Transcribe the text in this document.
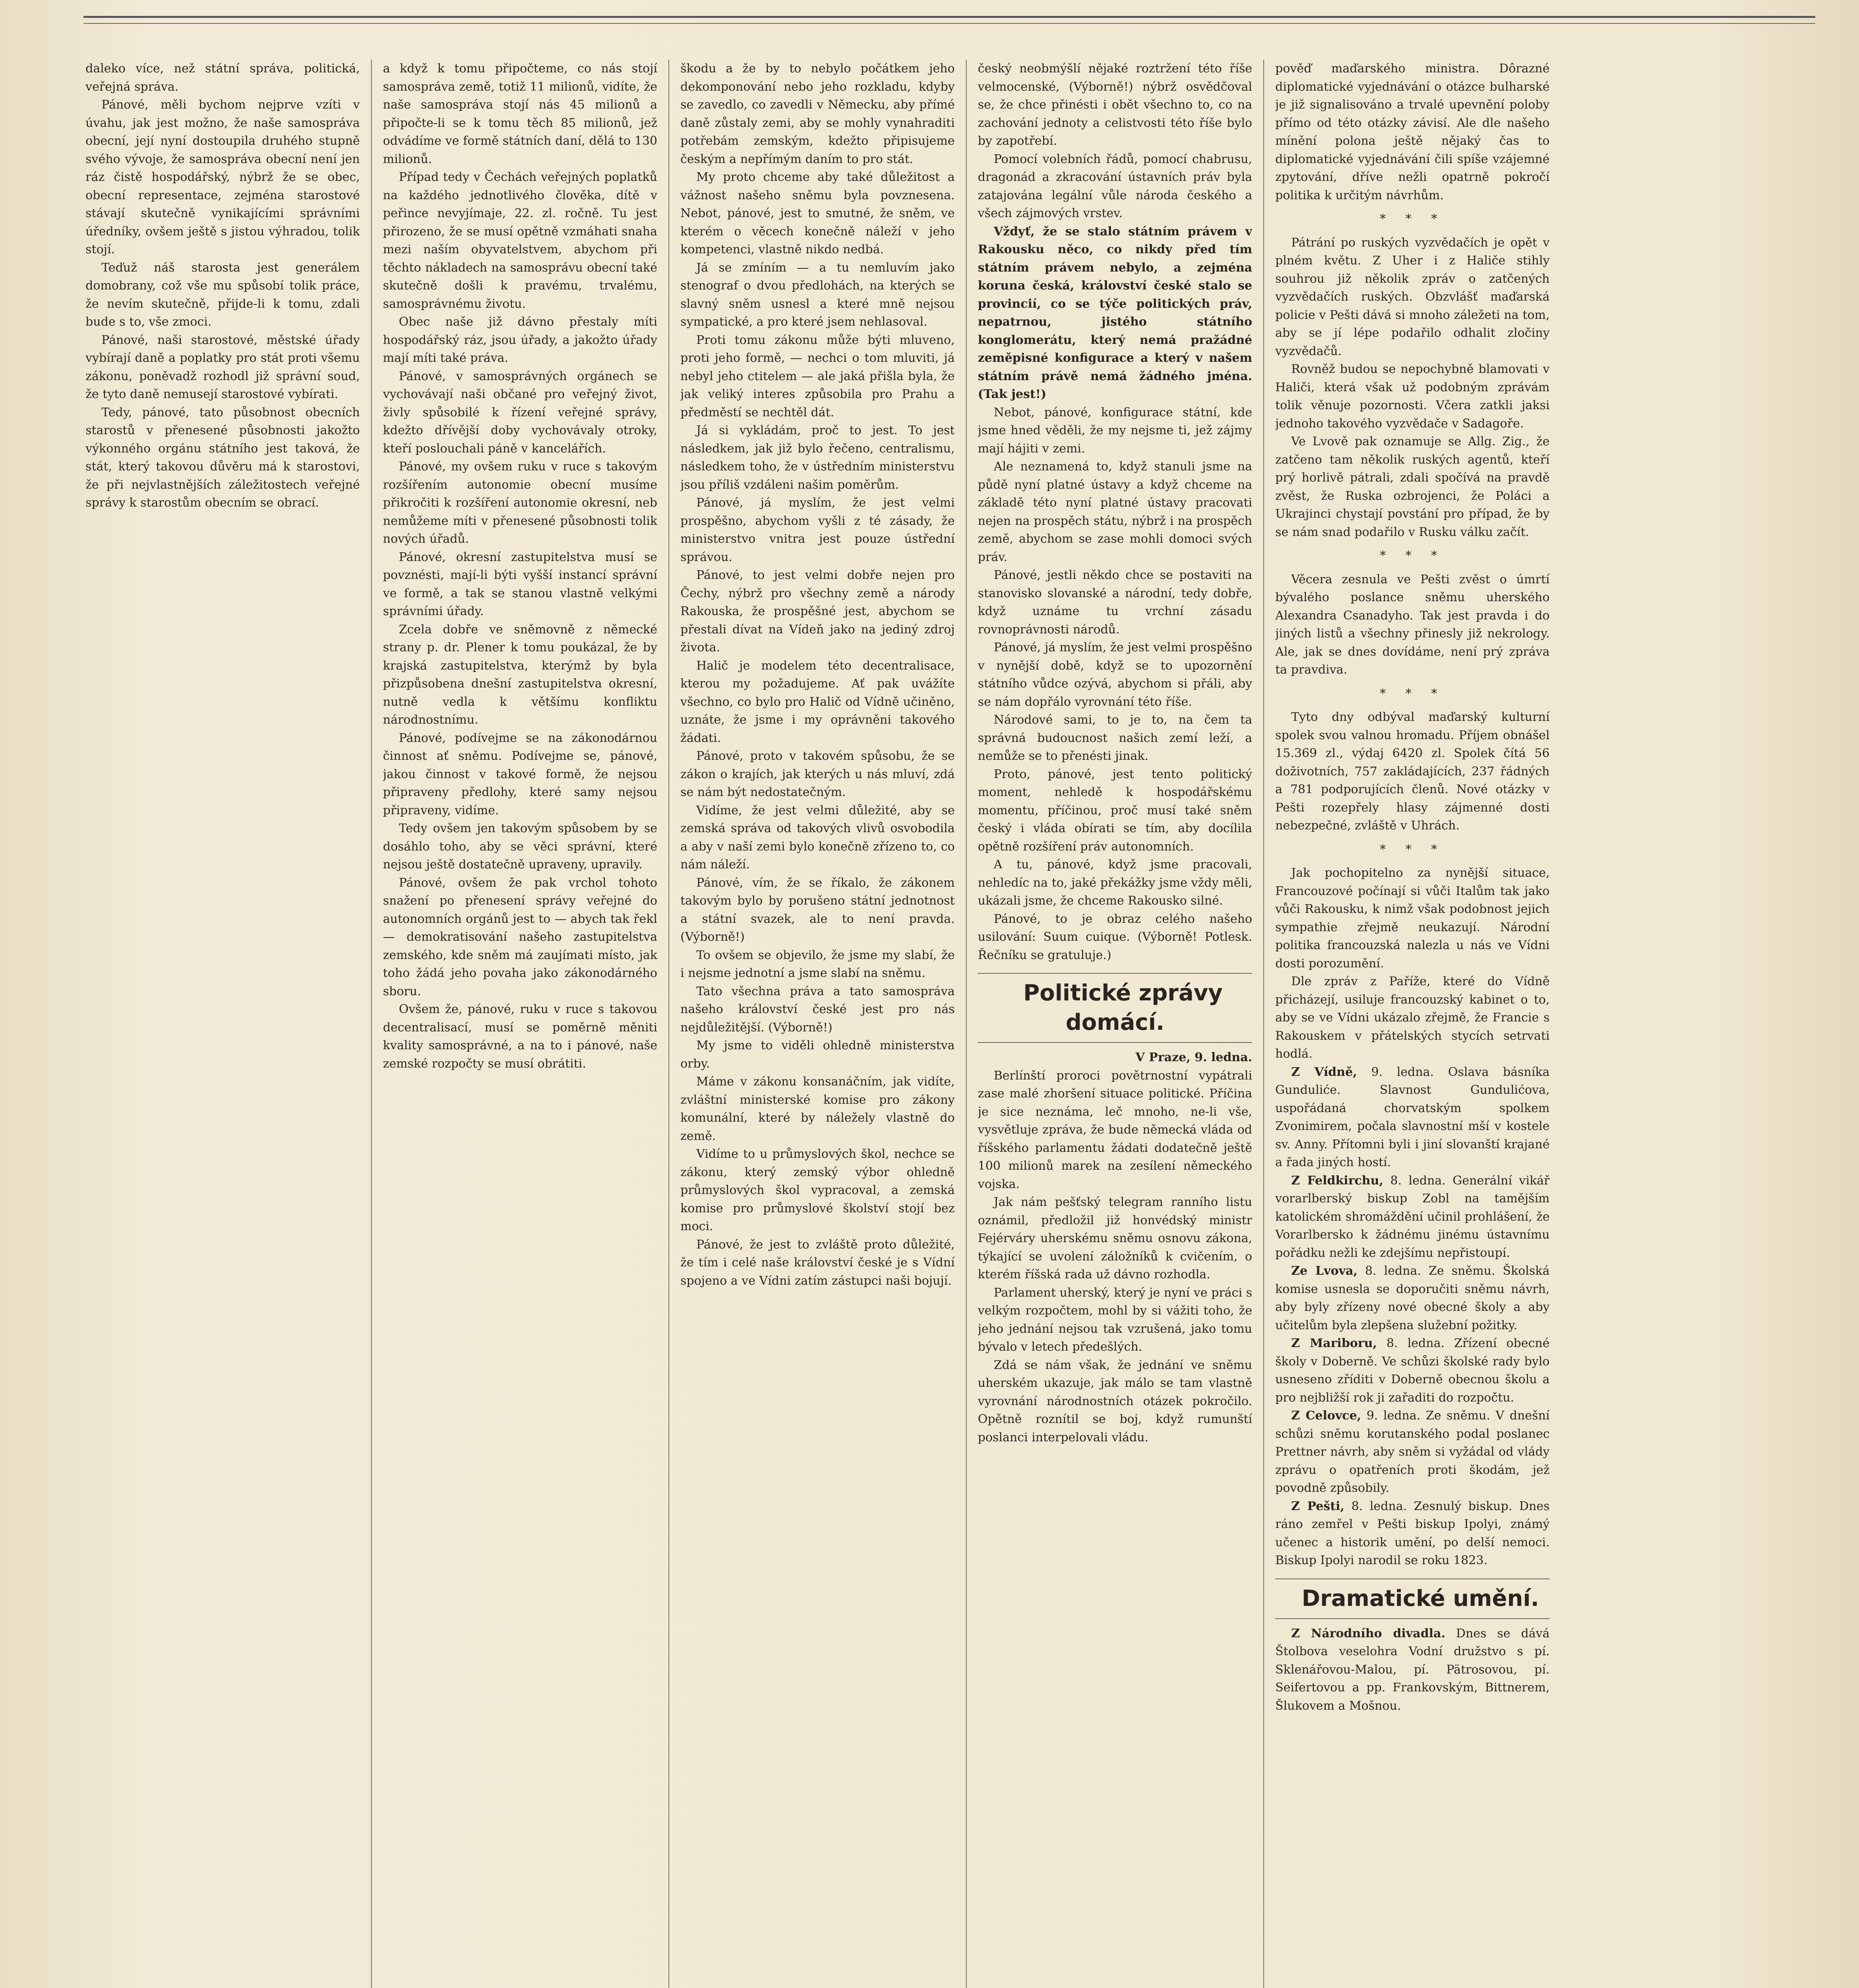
daleko více, než státní správa, politická, veřejná správa.

Pánové, měli bychom nejprve vzíti v úvahu, jak jest možno, že naše samospráva obecní, její nyní dostoupila druhého stupně svého vývoje, že samospráva obecní není jen ráz čistě hospodářský, nýbrž že se obec, obecní representace, zejména starostové stávají skutečně vynikajícími správními úředníky, ovšem ještě s jistou výhradou, tolik stojí.

Teďuž náš starosta jest generálem domobrany, což vše mu spůsobí tolik práce, že nevím skutečně, přijde-li k tomu, zdali bude s to, vše zmoci.

Pánové, naši starostové, městské úřady vybírají daně a poplatky pro stát proti všemu zákonu, poněvadž rozhodl již správní soud, že tyto daně nemusejí starostové vybírati.

Tedy, pánové, tato působnost obecních starostů v přenesené působnosti jakožto výkonného orgánu státního jest taková, že stát, který takovou důvěru má k starostovi, že při nejvlastnějších záležitostech veřejné správy k starostům obecním se obrací.

a když k tomu připočteme, co nás stojí samospráva země, totiž 11 milionů, vidíte, že naše samospráva stojí nás 45 milionů a připočte-li se k tomu těch 85 milionů, jež odvádíme ve formě státních daní, dělá to 130 milionů.

Případ tedy v Čechách veřejných poplatků na každého jednotlivého člověka, dítě v peřince nevyjímaje, 22. zl. ročně. Tu jest přirozeno, že se musí opětně vzmáhati snaha mezi naším obyvatelstvem, abychom při těchto nákladech na samosprávu obecní také skutečně došli k pravému, trvalému, samosprávnému životu.

Obec naše již dávno přestaly míti hospodářský ráz, jsou úřady, a jakožto úřady mají míti také práva.

Pánové, v samosprávných orgánech se vychovávají naši občané pro veřejný život, živly spůsobilé k řízení veřejné správy, kdežto dřívější doby vychovávaly otroky, kteří poslouchali páně v kancelářích.

Pánové, my ovšem ruku v ruce s takovým rozšířením autonomie obecní musíme přikročiti k rozšíření autonomie okresní, neb nemůžeme míti v přenesené působnosti tolik nových úřadů.

Pánové, okresní zastupitelstva musí se povznésti, mají-li býti vyšší instancí správní ve formě, a tak se stanou vlastně velkými správními úřady.

Zcela dobře ve sněmovně z německé strany p. dr. Plener k tomu poukázal, že by krajská zastupitelstva, kterýmž by byla přizpůsobena dnešní zastupitelstva okresní, nutně vedla k většímu konfliktu národnostnímu.

Pánové, podívejme se na zákonodárnou činnost ať sněmu. Podívejme se, pánové, jakou činnost v takové formě, že nejsou připraveny předlohy, které samy nejsou připraveny, vidíme.

Tedy ovšem jen takovým spůsobem by se dosáhlo toho, aby se věci správní, které nejsou ještě dostatečně upraveny, upravily.

Pánové, ovšem že pak vrchol tohoto snažení po přenesení správy veřejné do autonomních orgánů jest to — abych tak řekl — demokratisování našeho zastupitelstva zemského, kde sněm má zaujímati místo, jak toho žádá jeho povaha jako zákonodárného sboru.

Ovšem že, pánové, ruku v ruce s takovou decentralisací, musí se poměrně měniti kvality samosprávné, a na to i pánové, naše zemské rozpočty se musí obrátiti.

škodu a že by to nebylo počátkem jeho dekomponování nebo jeho rozkladu, kdyby se zavedlo, co zavedli v Německu, aby přímé daně zůstaly zemi, aby se mohly vynahraditi potřebám zemským, kdežto připisujeme českým a nepřímým daním to pro stát.

My proto chceme aby také důležitost a vážnost našeho sněmu byla povznesena. Nebot, pánové, jest to smutné, že sněm, ve kterém o věcech konečně náleží v jeho kompetenci, vlastně nikdo nedbá.

Já se zmíním — a tu nemluvím jako stenograf o dvou předlohách, na kterých se slavný sněm usnesl a které mně nejsou sympatické, a pro které jsem nehlasoval.

Proti tomu zákonu může býti mluveno, proti jeho formě, — nechci o tom mluviti, já nebyl jeho ctitelem — ale jaká přišla byla, že jak veliký interes způsobila pro Prahu a předměstí se nechtěl dát.

Já si vykládám, proč to jest. To jest následkem, jak již bylo řečeno, centralismu, následkem toho, že v ústředním ministerstvu jsou příliš vzdáleni našim poměrům.

Pánové, já myslím, že jest velmi prospěšno, abychom vyšli z té zásady, že ministerstvo vnitra jest pouze ústřední správou.

Pánové, to jest velmi dobře nejen pro Čechy, nýbrž pro všechny země a národy Rakouska, že prospěšné jest, abychom se přestali dívat na Vídeň jako na jediný zdroj života.

Halič je modelem této decentralisace, kterou my požadujeme. Ať pak uvážíte všechno, co bylo pro Halič od Vídně učiněno, uznáte, že jsme i my oprávněni takového žádati.

Pánové, proto v takovém spůsobu, že se zákon o krajích, jak kterých u nás mluví, zdá se nám být nedostatečným.

Vidíme, že jest velmi důležité, aby se zemská správa od takových vlivů osvobodila a aby v naší zemi bylo konečně zřízeno to, co nám náleží.

Pánové, vím, že se říkalo, že zákonem takovým bylo by porušeno státní jednotnost a státní svazek, ale to není pravda. (Výborně!)

To ovšem se objevilo, že jsme my slabí, že i nejsme jednotní a jsme slabí na sněmu.

Tato všechna práva a tato samospráva našeho království české jest pro nás nejdůležitější. (Výborně!)

My jsme to viděli ohledně ministerstva orby.

Máme v zákonu konsanáčním, jak vidíte, zvláštní ministerské komise pro zákony komunální, které by náležely vlastně do země.

Vidíme to u průmyslových škol, nechce se zákonu, který zemský výbor ohledně průmyslových škol vypracoval, a zemská komise pro průmyslové školství stojí bez moci.

Pánové, že jest to zvláště proto důležité, že tím i celé naše království české je s Vídní spojeno a ve Vídni zatím zástupci naši bojují.

český neobmýšlí nějaké roztržení této říše velmocenské, (Výborně!) nýbrž osvědčoval se, že chce přinésti i obět všechno to, co na zachování jednoty a celistvosti této říše bylo by zapotřebí.

Pomocí volebních řádů, pomocí chabrusu, dragonád a zkracování ústavních práv byla zatajována legální vůle národa českého a všech zájmových vrstev.

Vždyť, že se stalo státním právem v Rakousku něco, co nikdy před tím státním právem nebylo, a zejména koruna česká, království české stalo se provincií, co se týče politických práv, nepatrnou, jistého státního konglomerátu, který nemá pražádné zeměpisné konfigurace a který v našem státním právě nemá žádného jména. (Tak jest!)

Nebot, pánové, konfigurace státní, kde jsme hned věděli, že my nejsme ti, jež zájmy mají hájiti v zemi.

Ale neznamená to, když stanuli jsme na půdě nyní platné ústavy a když chceme na základě této nyní platné ústavy pracovati nejen na prospěch státu, nýbrž i na prospěch země, abychom se zase mohli domoci svých práv.

Pánové, jestli někdo chce se postaviti na stanovisko slovanské a národní, tedy dobře, když uznáme tu vrchní zásadu rovnoprávnosti národů.

Pánové, já myslím, že jest velmi prospěšno v nynější době, když se to upozornění státního vůdce ozývá, abychom si přáli, aby se nám dopřálo vyrovnání této říše.

Národové sami, to je to, na čem ta správná budoucnost našich zemí leží, a nemůže se to přenésti jinak.

Proto, pánové, jest tento politický moment, nehledě k hospodářskému momentu, příčinou, proč musí také sněm český i vláda obírati se tím, aby docílila opětně rozšíření práv autonomních.

A tu, pánové, když jsme pracovali, nehledíc na to, jaké překážky jsme vždy měli, ukázali jsme, že chceme Rakousko silné.

Pánové, to je obraz celého našeho usilování: Suum cuique. (Výborně! Potlesk. Řečníku se gratuluje.)

Politické zprávy domácí.

V Praze, 9. ledna.

Berlínští proroci povětrnostní vypátrali zase malé zhoršení situace politické. Příčina je sice neznáma, leč mnoho, ne-li vše, vysvětluje zpráva, že bude německá vláda od říšského parlamentu žádati dodatečně ještě 100 milionů marek na zesílení německého vojska.

Jak nám pešťský telegram ranního listu oznámil, předložil již honvédský ministr Fejérváry uherskému sněmu osnovu zákona, týkající se uvolení záložníků k cvičením, o kterém říšská rada už dávno rozhodla.

Parlament uherský, který je nyní ve práci s velkým rozpočtem, mohl by si vážiti toho, že jeho jednání nejsou tak vzrušená, jako tomu bývalo v letech předešlých.

Zdá se nám však, že jednání ve sněmu uherském ukazuje, jak málo se tam vlastně vyrovnání národnostních otázek pokročilo. Opětně roznítil se boj, když rumunští poslanci interpelovali vládu.

pověď maďarského ministra. Dôrazné diplomatické vyjednávání o otázce bulharské je již signalisováno a trvalé upevnění poloby přímo od této otázky závisí. Ale dle našeho mínění polona ještě nějaký čas to diplomatické vyjednávání čili spíše vzájemné zpytování, dříve nežli opatrně pokročí politika k určitým návrhům.

* * *

Pátrání po ruských vyzvědačích je opět v plném květu. Z Uher i z Haliče stihly souhrou již několik zpráv o zatčených vyzvědačích ruských. Obzvlášť maďarská policie v Pešti dává si mnoho záležeti na tom, aby se jí lépe podařilo odhalit zločiny vyzvědačů.

Rovněž budou se nepochybně blamovati v Haliči, která však už podobným zprávám tolik věnuje pozornosti. Včera zatkli jaksi jednoho takového vyzvědače v Sadagoře.

Ve Lvově pak oznamuje se Allg. Zig., že zatčeno tam několik ruských agentů, kteří prý horlivě pátrali, zdali spočívá na pravdě zvěst, že Ruska ozbrojenci, že Poláci a Ukrajinci chystají povstání pro případ, že by se nám snad podařilo v Rusku válku začít.

* * *

Věcera zesnula ve Pešti zvěst o úmrtí bývalého poslance sněmu uherského Alexandra Csanadyho. Tak jest pravda i do jiných listů a všechny přinesly již nekrology. Ale, jak se dnes dovídáme, není prý zpráva ta pravdiva.

* * *

Tyto dny odbýval maďarský kulturní spolek svou valnou hromadu. Příjem obnášel 15.369 zl., výdaj 6420 zl. Spolek čítá 56 doživotních, 757 zakládajících, 237 řádných a 781 podporujících členů. Nové otázky v Pešti rozepřely hlasy zájmenné dosti nebezpečné, zvláště v Uhrách.

* * *

Jak pochopitelno za nynější situace, Francouzové počínají si vůči Italům tak jako vůči Rakousku, k nimž však podobnost jejich sympathie zřejmě neukazují. Národní politika francouzská nalezla u nás ve Vídni dosti porozumění.

Dle zpráv z Paříže, které do Vídně přicházejí, usiluje francouzský kabinet o to, aby se ve Vídni ukázalo zřejmě, že Francie s Rakouskem v přátelských stycích setrvati hodlá.

Z Vídně, 9. ledna. Oslava básníka Gunduliće. Slavnost Gundulićova, uspořádaná chorvatským spolkem Zvonimirem, počala slavnostní mší v kostele sv. Anny. Přítomni byli i jiní slovanští krajané a řada jiných hostí.

Z Feldkirchu, 8. ledna. Generální vikář vorarlberský biskup Zobl na tamějším katolickém shromáždění učinil prohlášení, že Vorarlbersko k žádnému jinému ústavnímu pořádku nežli ke zdejšímu nepřistoupí.

Ze Lvova, 8. ledna. Ze sněmu. Školská komise usnesla se doporučiti sněmu návrh, aby byly zřízeny nové obecné školy a aby učitelům byla zlepšena služební požitky.

Z Mariboru, 8. ledna. Zřízení obecné školy v Doberně. Ve schůzi školské rady bylo usneseno zříditi v Doberně obecnou školu a pro nejbližší rok ji zařaditi do rozpočtu.

Z Celovce, 9. ledna. Ze sněmu. V dnešní schůzi sněmu korutanského podal poslanec Prettner návrh, aby sněm si vyžádal od vlády zprávu o opatřeních proti škodám, jež povodně způsobily.

Z Pešti, 8. ledna. Zesnulý biskup. Dnes ráno zemřel v Pešti biskup Ipolyi, známý učenec a historik umění, po delší nemoci. Biskup Ipolyi narodil se roku 1823.

Dramatické umění.

Z Národního divadla. Dnes se dává Štolbova veselohra Vodní družstvo s pí. Sklenářovou-Malou, pí. Pätrosovou, pí. Seifertovou a pp. Frankovským, Bittnerem, Šlukovem a Mošnou.
